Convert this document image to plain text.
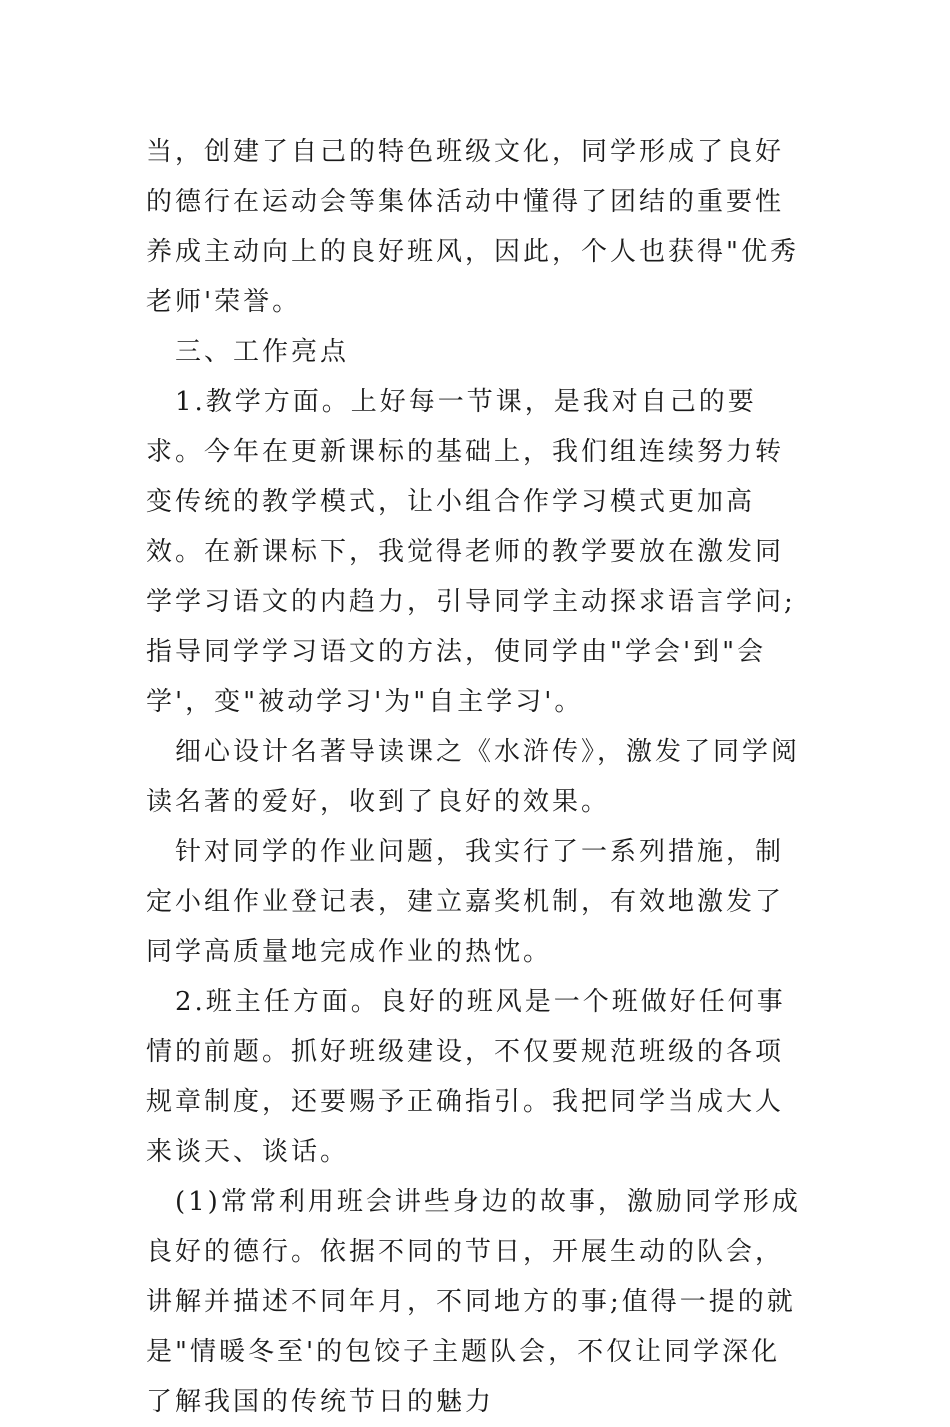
当，创建了自己的特色班级文化，同学形成了良好的德行在运动会等集体活动中懂得了团结的重要性养成主动向上的良好班风，因此，个人也获得"优秀老师'荣誉。

　三、工作亮点

　1.教学方面。上好每一节课，是我对自己的要求。今年在更新课标的基础上，我们组连续努力转变传统的教学模式，让小组合作学习模式更加高效。在新课标下，我觉得老师的教学要放在激发同学学习语文的内趋力，引导同学主动探求语言学问;指导同学学习语文的方法，使同学由"学会'到"会学'，变"被动学习'为"自主学习'。

　细心设计名著导读课之《水浒传》，激发了同学阅读名著的爱好，收到了良好的效果。

　针对同学的作业问题，我实行了一系列措施，制定小组作业登记表，建立嘉奖机制，有效地激发了同学高质量地完成作业的热忱。

　2.班主任方面。良好的班风是一个班做好任何事情的前题。抓好班级建设，不仅要规范班级的各项规章制度，还要赐予正确指引。我把同学当成大人来谈天、谈话。

　(1)常常利用班会讲些身边的故事，激励同学形成良好的德行。依据不同的节日，开展生动的队会，讲解并描述不同年月，不同地方的事;值得一提的就是"情暖冬至'的包饺子主题队会，不仅让同学深化了解我国的传统节日的魅力
